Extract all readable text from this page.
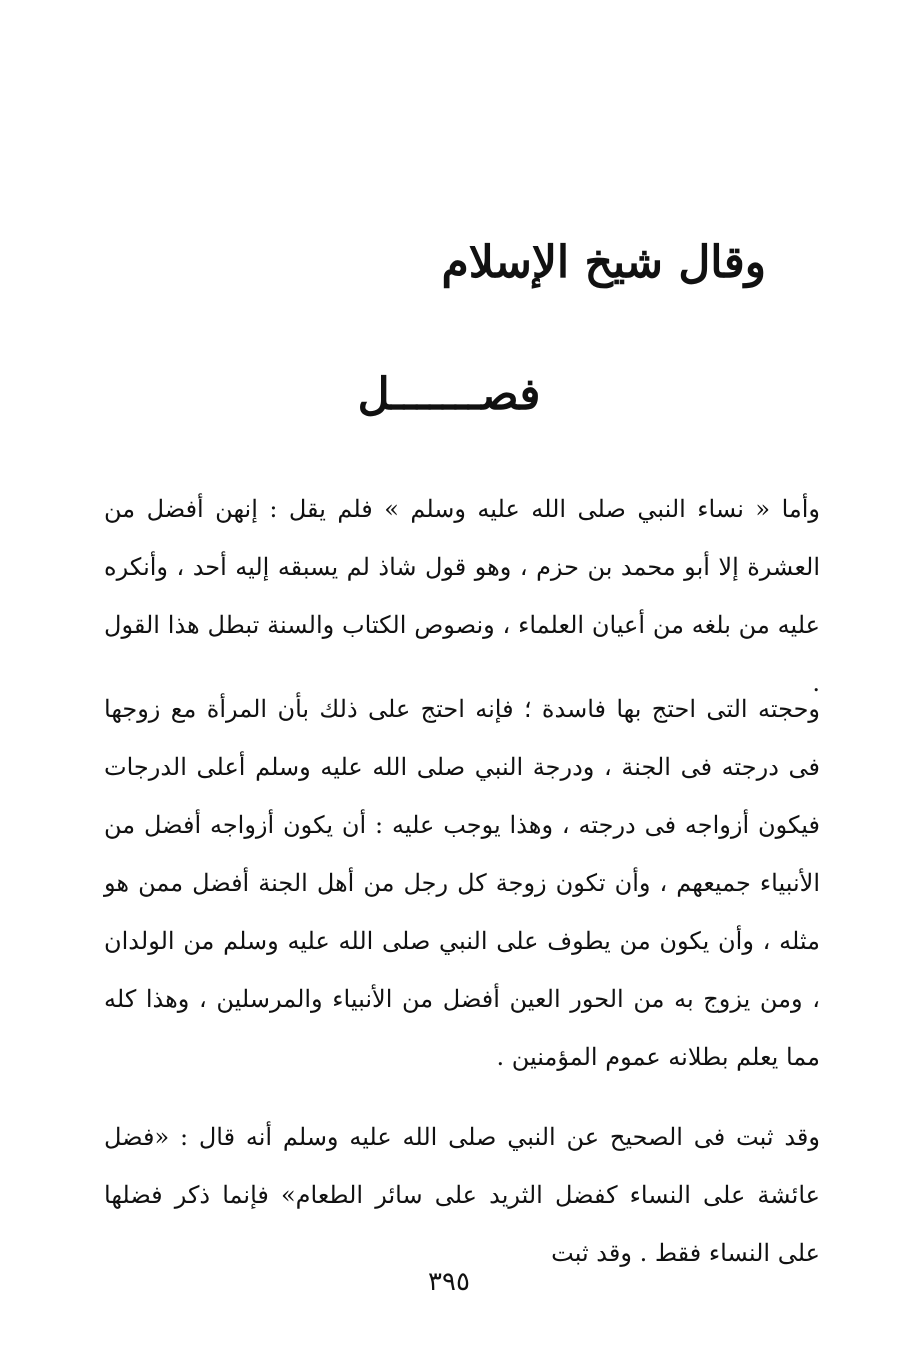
وقال شيخ الإسلام
فصـــــــل

وأما « نساء النبي صلى الله عليه وسلم » فلم يقل : إنهن أفضل من العشرة إلا أبو محمد بن حزم ، وهو قول شاذ لم يسبقه إليه أحد ، وأنكره عليه من بلغه من أعيان العلماء ، ونصوص الكتاب والسنة تبطل هذا القول .

وحجته التى احتج بها فاسدة ؛ فإنه احتج على ذلك بأن المرأة مع زوجها فى درجته فى الجنة ، ودرجة النبي صلى الله عليه وسلم أعلى الدرجات فيكون أزواجه فى درجته ، وهذا يوجب عليه : أن يكون أزواجه أفضل من الأنبياء جميعهم ، وأن تكون زوجة كل رجل من أهل الجنة أفضل ممن هو مثله ، وأن يكون من يطوف على النبي صلى الله عليه وسلم من الولدان ، ومن يزوج به من الحور العين أفضل من الأنبياء والمرسلين ، وهذا كله مما يعلم بطلانه عموم المؤمنين .

وقد ثبت فى الصحيح عن النبي صلى الله عليه وسلم أنه قال : «فضل عائشة على النساء كفضل الثريد على سائر الطعام» فإنما ذكر فضلها على النساء فقط . وقد ثبت

٣٩٥
